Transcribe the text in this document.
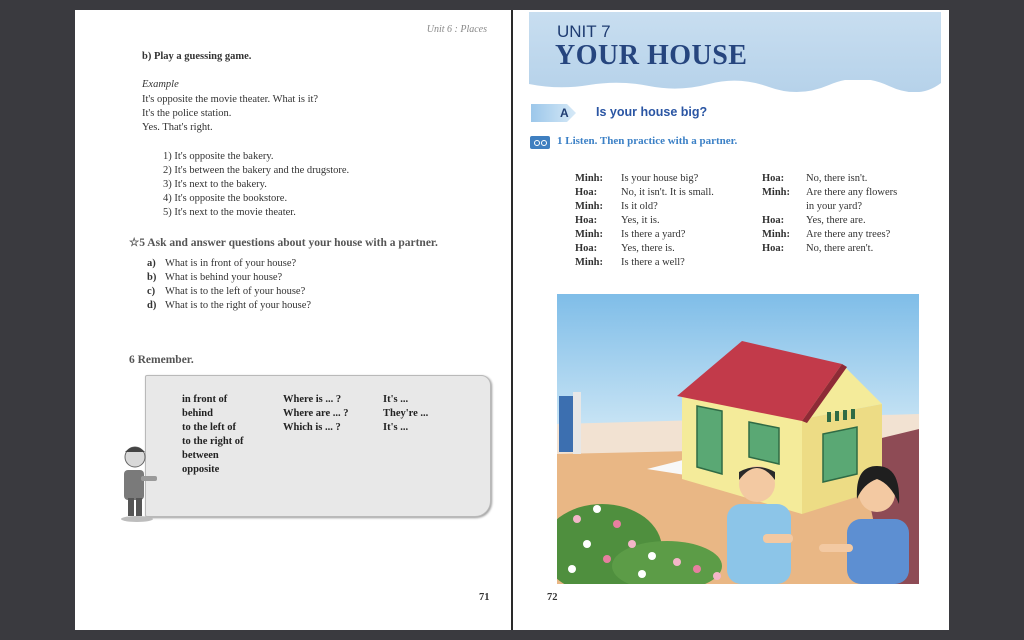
Unit 6 : Places
b) Play a guessing game.
Example
It's opposite the movie theater. What is it?
It's the police station.
Yes. That's right.
1) It's opposite the bakery.
2) It's between the bakery and the drugstore.
3) It's next to the bakery.
4) It's opposite the bookstore.
5) It's next to the movie theater.
☆5 Ask and answer questions about your house with a partner.
a) What is in front of your house?
b) What is behind your house?
c) What is to the left of your house?
d) What is to the right of your house?
6 Remember.
in front of
behind
to the left of
to the right of
between
opposite
Where is ... ?
Where are ... ?
Which is ... ?
It's ...
They're ...
It's ...
71
UNIT 7
YOUR HOUSE
A Is your house big?
1 Listen. Then practice with a partner.
Minh: Is your house big?
Hoa: No, it isn't. It is small.
Minh: Is it old?
Hoa: Yes, it is.
Minh: Is there a yard?
Hoa: Yes, there is.
Minh: Is there a well?
Hoa: No, there isn't.
Minh: Are there any flowers
in your yard?
Hoa: Yes, there are.
Minh: Are there any trees?
Hoa: No, there aren't.
72
